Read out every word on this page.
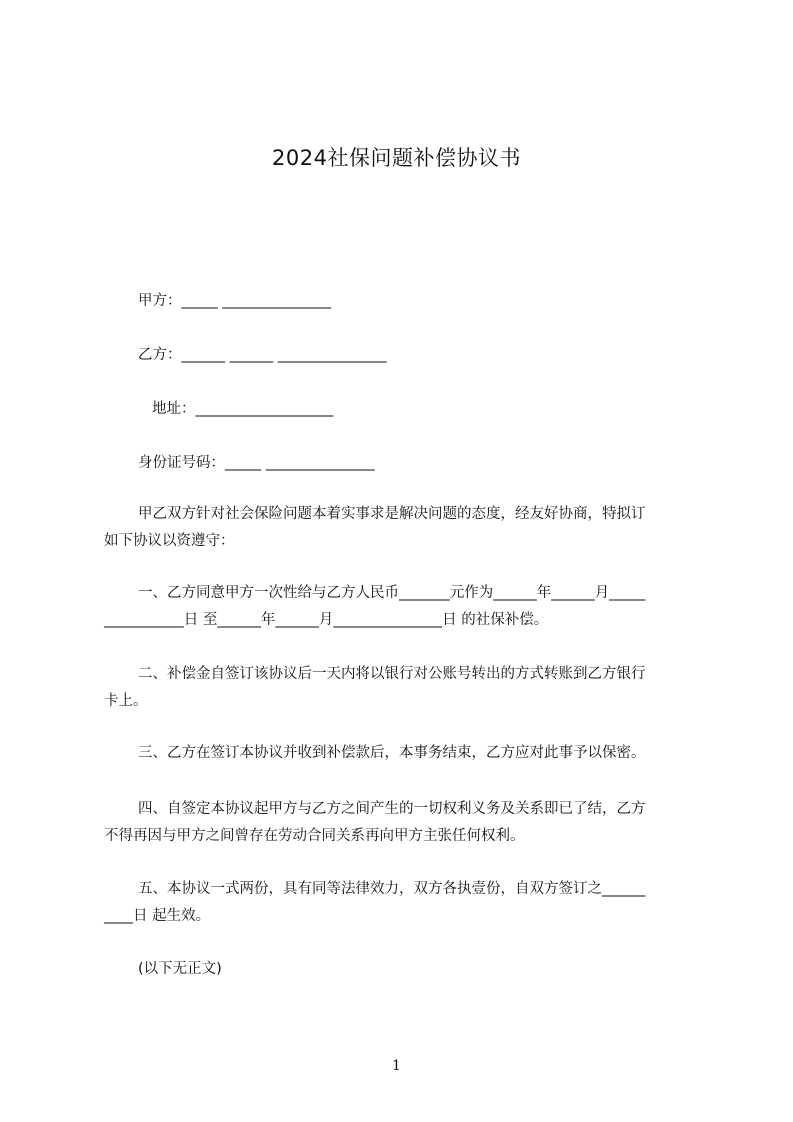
2024社保问题补偿协议书
甲方：_____ _______________
乙方：______ ______ _______________
地址：___________________
身份证号码：_____ _______________
甲乙双方针对社会保险问题本着实事求是解决问题的态度，经友好协商，特拟订
如下协议以资遵守：
一、乙方同意甲方一次性给与乙方人民币_______元作为______年______月_____
___________日 至______年______月_______________日 的社保补偿。
二、补偿金自签订该协议后一天内将以银行对公账号转出的方式转账到乙方银行
卡上。
三、乙方在签订本协议并收到补偿款后，本事务结束，乙方应对此事予以保密。
四、自签定本协议起甲方与乙方之间产生的一切权利义务及关系即已了结，乙方
不得再因与甲方之间曾存在劳动合同关系再向甲方主张任何权利。
五、本协议一式两份，具有同等法律效力，双方各执壹份，自双方签订之______
____日 起生效。
(以下无正文)
1
